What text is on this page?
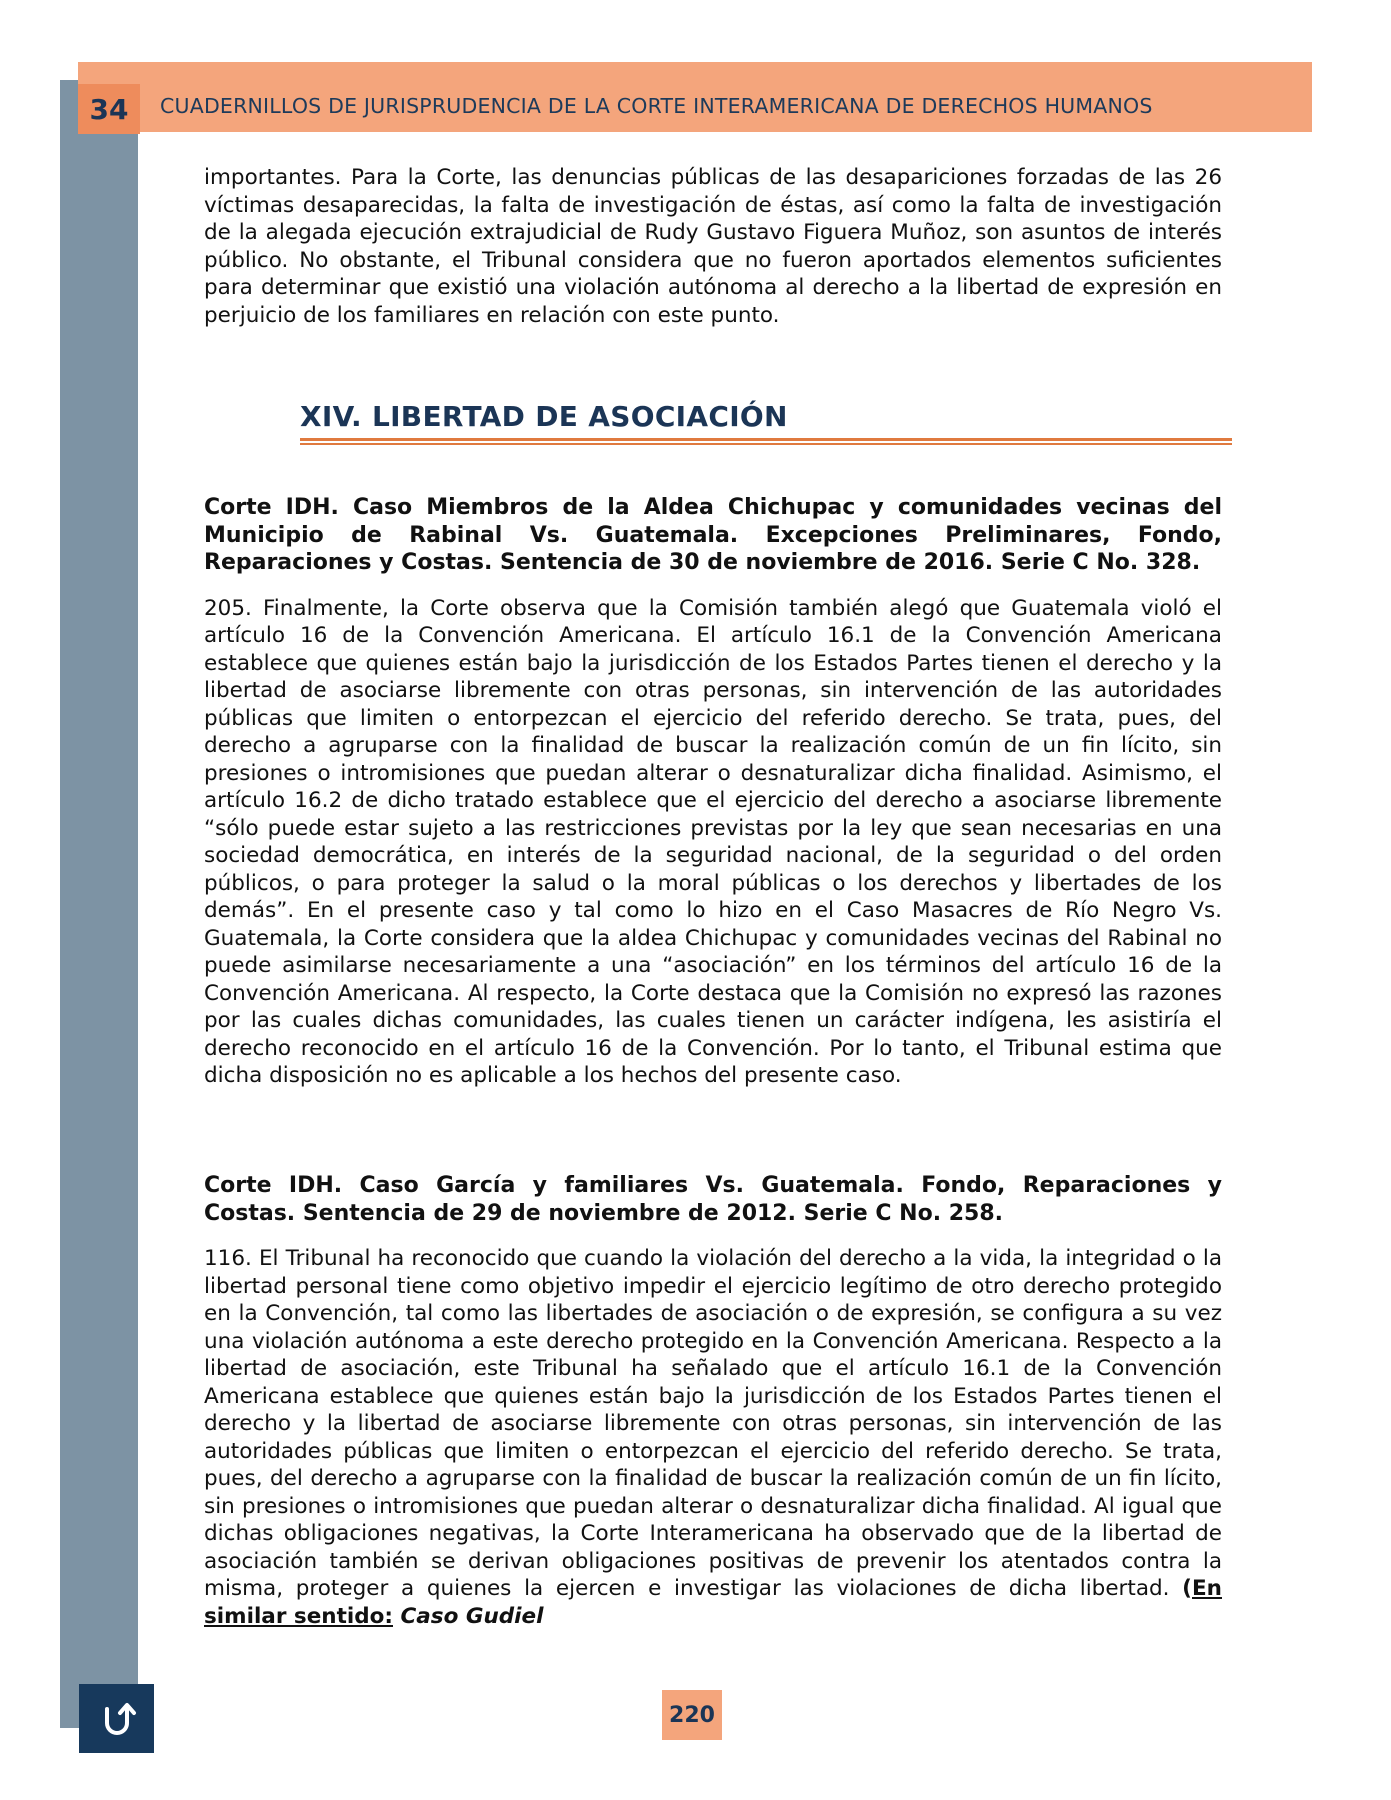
34	CUADERNILLOS DE JURISPRUDENCIA DE LA CORTE INTERAMERICANA DE DERECHOS HUMANOS

importantes. Para la Corte, las denuncias públicas de las desapariciones forzadas de las 26 víctimas desaparecidas, la falta de investigación de éstas, así como la falta de investigación de la alegada ejecución extrajudicial de Rudy Gustavo Figuera Muñoz, son asuntos de interés público. No obstante, el Tribunal considera que no fueron aportados elementos suficientes para determinar que existió una violación autónoma al derecho a la libertad de expresión en perjuicio de los familiares en relación con este punto.

XIV. LIBERTAD DE ASOCIACIÓN

Corte IDH. Caso Miembros de la Aldea Chichupac y comunidades vecinas del Municipio de Rabinal Vs. Guatemala. Excepciones Preliminares, Fondo, Reparaciones y Costas. Sentencia de 30 de noviembre de 2016. Serie C No. 328.

205. Finalmente, la Corte observa que la Comisión también alegó que Guatemala violó el artículo 16 de la Convención Americana. El artículo 16.1 de la Convención Americana establece que quienes están bajo la jurisdicción de los Estados Partes tienen el derecho y la libertad de asociarse libremente con otras personas, sin intervención de las autoridades públicas que limiten o entorpezcan el ejercicio del referido derecho. Se trata, pues, del derecho a agruparse con la finalidad de buscar la realización común de un fin lícito, sin presiones o intromisiones que puedan alterar o desnaturalizar dicha finalidad. Asimismo, el artículo 16.2 de dicho tratado establece que el ejercicio del derecho a asociarse libremente “sólo puede estar sujeto a las restricciones previstas por la ley que sean necesarias en una sociedad democrática, en interés de la seguridad nacional, de la seguridad o del orden públicos, o para proteger la salud o la moral públicas o los derechos y libertades de los demás”. En el presente caso y tal como lo hizo en el Caso Masacres de Río Negro Vs. Guatemala, la Corte considera que la aldea Chichupac y comunidades vecinas del Rabinal no puede asimilarse necesariamente a una “asociación” en los términos del artículo 16 de la Convención Americana. Al respecto, la Corte destaca que la Comisión no expresó las razones por las cuales dichas comunidades, las cuales tienen un carácter indígena, les asistiría el derecho reconocido en el artículo 16 de la Convención. Por lo tanto, el Tribunal estima que dicha disposición no es aplicable a los hechos del presente caso.

Corte IDH. Caso García y familiares Vs. Guatemala. Fondo, Reparaciones y Costas. Sentencia de 29 de noviembre de 2012. Serie C No. 258.

116. El Tribunal ha reconocido que cuando la violación del derecho a la vida, la integridad o la libertad personal tiene como objetivo impedir el ejercicio legítimo de otro derecho protegido en la Convención, tal como las libertades de asociación o de expresión, se configura a su vez una violación autónoma a este derecho protegido en la Convención Americana. Respecto a la libertad de asociación, este Tribunal ha señalado que el artículo 16.1 de la Convención Americana establece que quienes están bajo la jurisdicción de los Estados Partes tienen el derecho y la libertad de asociarse libremente con otras personas, sin intervención de las autoridades públicas que limiten o entorpezcan el ejercicio del referido derecho. Se trata, pues, del derecho a agruparse con la finalidad de buscar la realización común de un fin lícito, sin presiones o intromisiones que puedan alterar o desnaturalizar dicha finalidad. Al igual que dichas obligaciones negativas, la Corte Interamericana ha observado que de la libertad de asociación también se derivan obligaciones positivas de prevenir los atentados contra la misma, proteger a quienes la ejercen e investigar las violaciones de dicha libertad. (En similar sentido: Caso Gudiel

220
